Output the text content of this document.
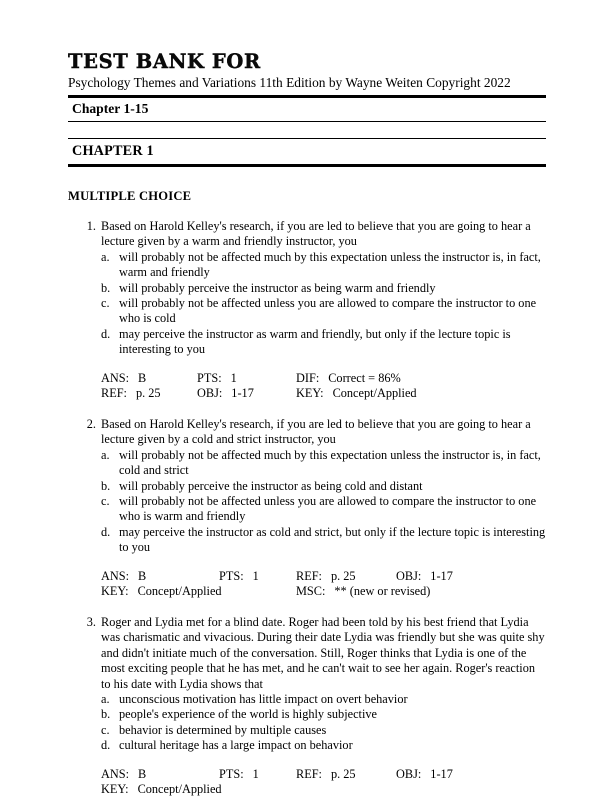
TEST BANK FOR
Psychology Themes and Variations 11th Edition by Wayne Weiten Copyright 2022
Chapter 1-15
CHAPTER 1
MULTIPLE CHOICE
1. Based on Harold Kelley's research, if you are led to believe that you are going to hear a lecture given by a warm and friendly instructor, you
a. will probably not be affected much by this expectation unless the instructor is, in fact, warm and friendly
b. will probably perceive the instructor as being warm and friendly
c. will probably not be affected unless you are allowed to compare the instructor to one who is cold
d. may perceive the instructor as warm and friendly, but only if the lecture topic is interesting to you
ANS: B	PTS: 1	DIF: Correct = 86%
REF: p. 25	OBJ: 1-17	KEY: Concept/Applied
2. Based on Harold Kelley's research, if you are led to believe that you are going to hear a lecture given by a cold and strict instructor, you
a. will probably not be affected much by this expectation unless the instructor is, in fact, cold and strict
b. will probably perceive the instructor as being cold and distant
c. will probably not be affected unless you are allowed to compare the instructor to one who is warm and friendly
d. may perceive the instructor as cold and strict, but only if the lecture topic is interesting to you
ANS: B	PTS: 1	REF: p. 25	OBJ: 1-17
KEY: Concept/Applied	MSC: ** (new or revised)
3. Roger and Lydia met for a blind date. Roger had been told by his best friend that Lydia was charismatic and vivacious. During their date Lydia was friendly but she was quite shy and didn't initiate much of the conversation. Still, Roger thinks that Lydia is one of the most exciting people that he has met, and he can't wait to see her again. Roger's reaction to his date with Lydia shows that
a. unconscious motivation has little impact on overt behavior
b. people's experience of the world is highly subjective
c. behavior is determined by multiple causes
d. cultural heritage has a large impact on behavior
ANS: B	PTS: 1	REF: p. 25	OBJ: 1-17
KEY: Concept/Applied
